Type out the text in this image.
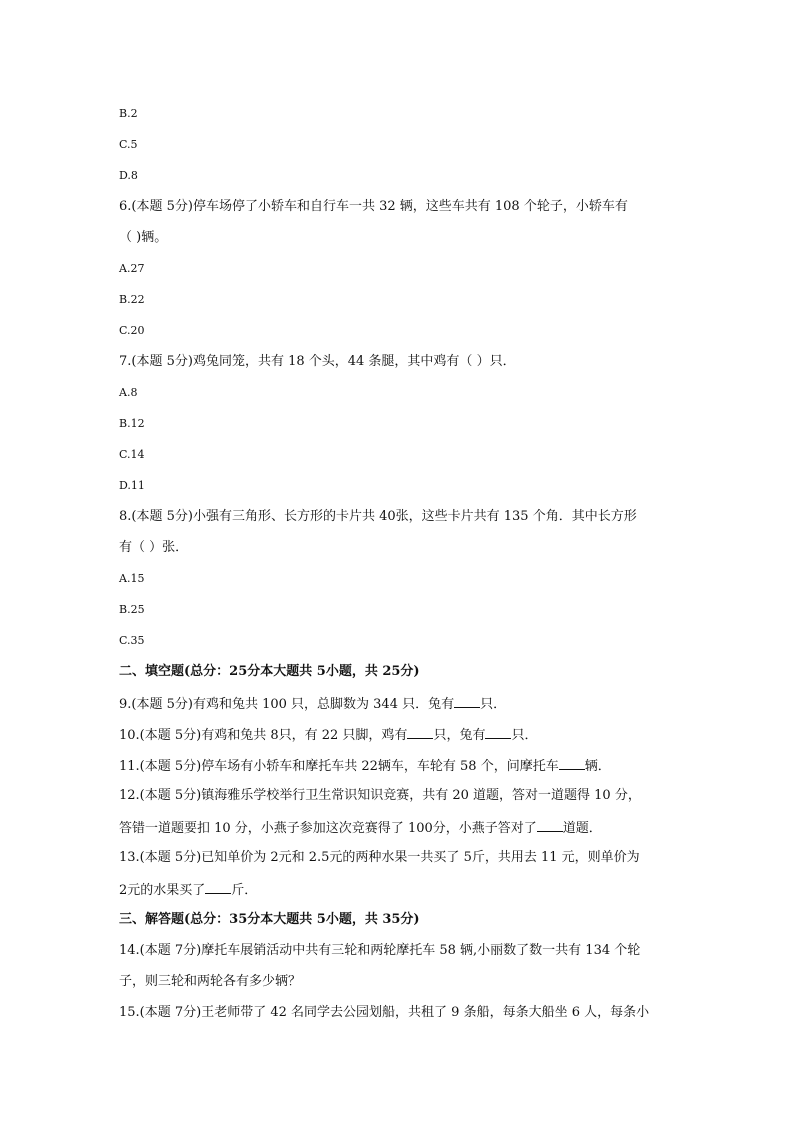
B.2
C.5
D.8
6.(本题 5分)停车场停了小轿车和自行车一共 32 辆，这些车共有 108 个轮子，小轿车有
（ )辆。
A.27
B.22
C.20
7.(本题 5分)鸡兔同笼，共有 18 个头，44 条腿，其中鸡有（ ）只．
A.8
B.12
C.14
D.11
8.(本题 5分)小强有三角形、长方形的卡片共 40张，这些卡片共有 135 个角．其中长方形
有（ ）张．
A.15
B.25
C.35
二、填空题(总分：25分本大题共 5小题，共 25分)
9.(本题 5分)有鸡和兔共 100 只，总脚数为 344 只．兔有 只．
10.(本题 5分)有鸡和兔共 8只，有 22 只脚，鸡有 只，兔有 只．
11.(本题 5分)停车场有小轿车和摩托车共 22辆车，车轮有 58 个，问摩托车 辆．
12.(本题 5分)镇海雅乐学校举行卫生常识知识竞赛，共有 20 道题，答对一道题得 10 分，
答错一道题要扣 10 分，小燕子参加这次竞赛得了 100分，小燕子答对了 道题．
13.(本题 5分)已知单价为 2元和 2.5元的两种水果一共买了 5斤，共用去 11 元，则单价为
2元的水果买了 斤．
三、解答题(总分：35分本大题共 5小题，共 35分)
14.(本题 7分)摩托车展销活动中共有三轮和两轮摩托车 58 辆,小丽数了数一共有 134 个轮
子，则三轮和两轮各有多少辆？
15.(本题 7分)王老师带了 42 名同学去公园划船，共租了 9 条船，每条大船坐 6 人，每条小
